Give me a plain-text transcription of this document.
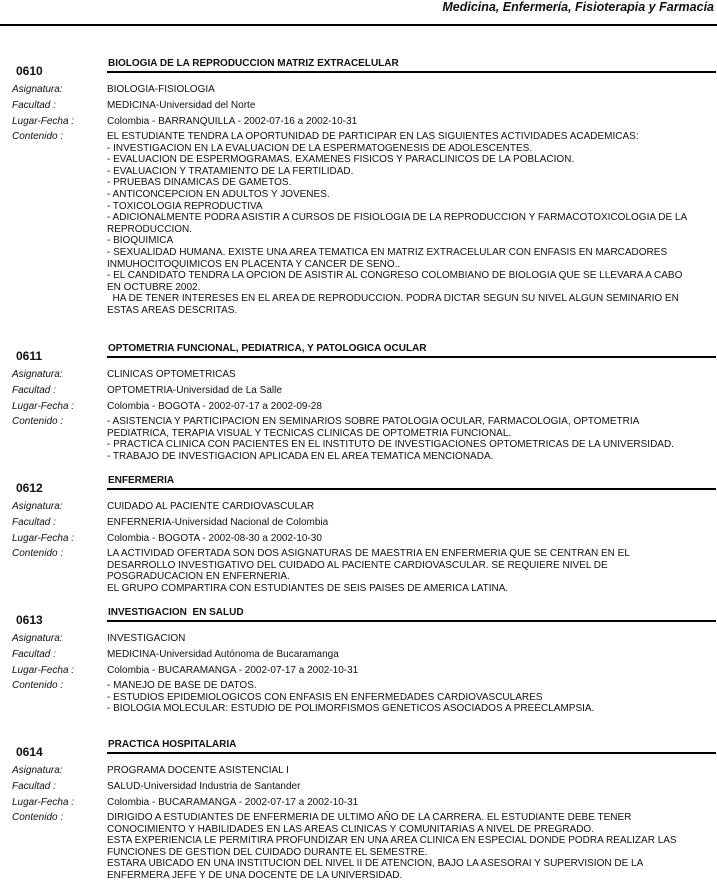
Medicina, Enfermería, Fisioterapia y Farmacia
0610
BIOLOGIA DE LA REPRODUCCION MATRIZ EXTRACELULAR
Asignatura:	BIOLOGIA-FISIOLOGIA
Facultad :	MEDICINA-Universidad del Norte
Lugar-Fecha :	Colombia - BARRANQUILLA - 2002-07-16 a 2002-10-31
Contenido :	EL ESTUDIANTE TENDRA LA OPORTUNIDAD DE PARTICIPAR EN LAS SIGUIENTES ACTIVIDADES ACADEMICAS:
- INVESTIGACION EN LA EVALUACION DE LA ESPERMATOGENESIS DE ADOLESCENTES.
- EVALUACION DE ESPERMOGRAMAS. EXAMENES FISICOS Y PARACLINICOS DE LA POBLACION.
- EVALUACION Y TRATAMIENTO DE LA FERTILIDAD.
- PRUEBAS DINAMICAS DE GAMETOS.
- ANTICONCEPCION EN ADULTOS Y JOVENES.
- TOXICOLOGIA REPRODUCTIVA
- ADICIONALMENTE PODRA ASISTIR A CURSOS DE FISIOLOGIA DE LA REPRODUCCION Y FARMACOTOXICOLOGIA DE LA
REPRODUCCION.
- BIOQUIMICA
- SEXUALIDAD HUMANA. EXISTE UNA AREA TEMATICA EN MATRIZ EXTRACELULAR CON ENFASIS EN MARCADORES
INMUHOCITOQUIMICOS EN PLACENTA Y CANCER DE SENO..
- EL CANDIDATO TENDRA LA OPCION DE ASISTIR AL CONGRESO COLOMBIANO DE BIOLOGIA QUE SE LLEVARA A CABO
EN OCTUBRE 2002.
HA DE TENER INTERESES EN EL AREA DE REPRODUCCION. PODRA DICTAR SEGUN SU NIVEL ALGUN SEMINARIO EN
ESTAS AREAS DESCRITAS.
0611
OPTOMETRIA FUNCIONAL, PEDIATRICA, Y PATOLOGICA OCULAR
Asignatura:	CLINICAS OPTOMETRICAS
Facultad :	OPTOMETRIA-Universidad de La Salle
Lugar-Fecha :	Colombia - BOGOTA - 2002-07-17 a 2002-09-28
Contenido :	- ASISTENCIA Y PARTICIPACION EN SEMINARIOS SOBRE PATOLOGIA OCULAR, FARMACOLOGIA, OPTOMETRIA
PEDIATRICA, TERAPIA VISUAL Y TECNICAS CLINICAS DE OPTOMETRIA FUNCIONAL.
- PRACTICA CLINICA CON PACIENTES EN EL INSTITUTO DE INVESTIGACIONES OPTOMETRICAS DE LA UNIVERSIDAD.
- TRABAJO DE INVESTIGACION APLICADA EN EL AREA TEMATICA MENCIONADA.
0612
ENFERMERIA
Asignatura:	CUIDADO AL PACIENTE CARDIOVASCULAR
Facultad :	ENFERNERIA-Universidad Nacional de Colombia
Lugar-Fecha :	Colombia - BOGOTA - 2002-08-30 a 2002-10-30
Contenido :	LA ACTIVIDAD OFERTADA SON DOS ASIGNATURAS DE MAESTRIA EN ENFERMERIA QUE SE CENTRAN EN EL
DESARROLLO INVESTIGATIVO DEL CUIDADO AL PACIENTE CARDIOVASCULAR. SE REQUIERE NIVEL DE
POSGRADUCACION EN ENFERNERIA.
EL GRUPO COMPARTIRA CON ESTUDIANTES DE SEIS PAISES DE AMERICA LATINA.
0613
INVESTIGACION  EN SALUD
Asignatura:	INVESTIGACION
Facultad :	MEDICINA-Universidad Autónoma de Bucaramanga
Lugar-Fecha :	Colombia - BUCARAMANGA - 2002-07-17 a 2002-10-31
Contenido :	- MANEJO DE BASE DE DATOS.
- ESTUDIOS EPIDEMIOLOGICOS CON ENFASIS EN ENFERMEDADES CARDIOVASCULARES
- BIOLOGIA MOLECULAR: ESTUDIO DE POLIMORFISMOS GENETICOS ASOCIADOS A PREECLAMPSIA.
0614
PRACTICA HOSPITALARIA
Asignatura:	PROGRAMA DOCENTE ASISTENCIAL I
Facultad :	SALUD-Universidad Industria de Santander
Lugar-Fecha :	Colombia - BUCARAMANGA - 2002-07-17 a 2002-10-31
Contenido :	DIRIGIDO A ESTUDIANTES DE ENFERMERIA DE ULTIMO AÑO DE LA CARRERA. EL ESTUDIANTE DEBE TENER
CONOCIMIENTO Y HABILIDADES EN LAS AREAS CLINICAS Y COMUNITARIAS A NIVEL DE PREGRADO.
ESTA EXPERIENCIA LE PERMITIRA PROFUNDIZAR EN UNA AREA CLINICA EN ESPECIAL DONDE PODRA REALIZAR LAS
FUNCIONES DE GESTION DEL CUIDADO DURANTE EL SEMESTRE.
ESTARA UBICADO EN UNA INSTITUCION DEL NIVEL II DE ATENCION, BAJO LA ASESORAI Y SUPERVISION DE LA
ENFERMERA JEFE Y DE UNA DOCENTE DE LA UNIVERSIDAD.
